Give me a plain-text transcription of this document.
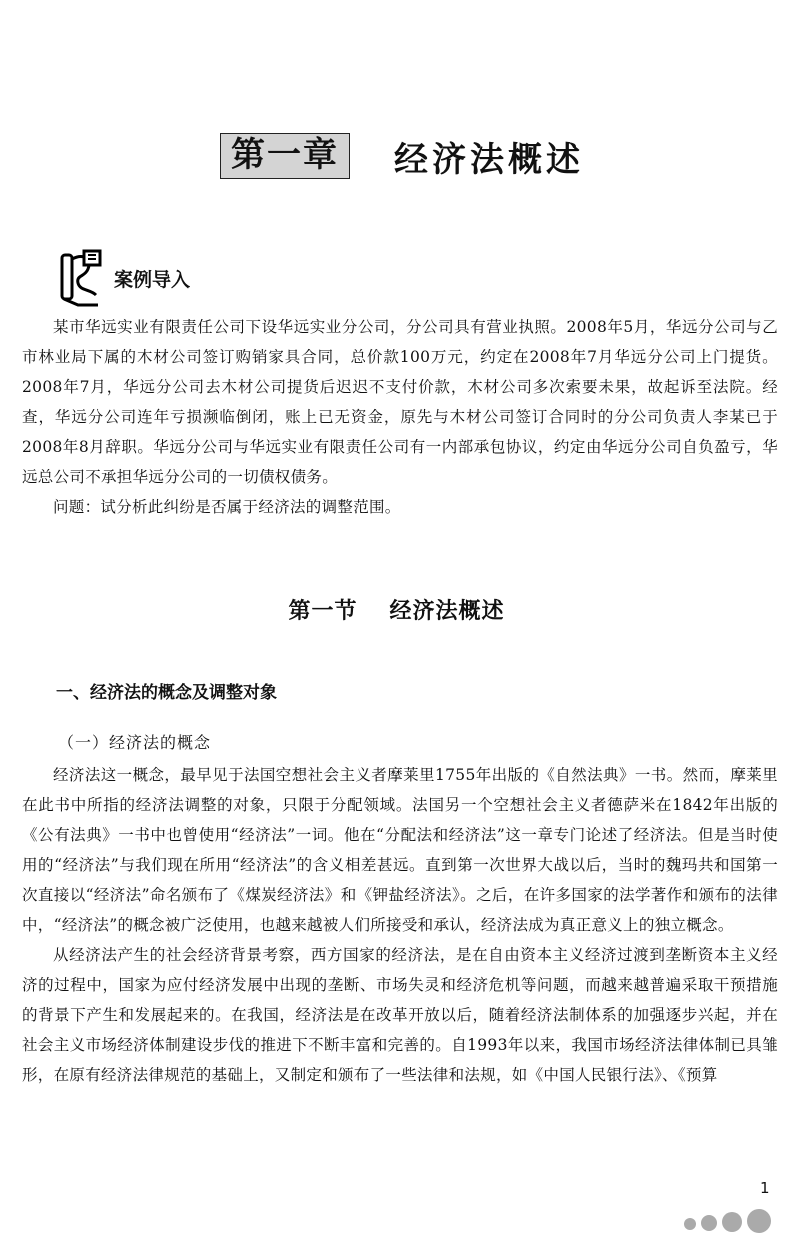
第一章	经济法概述
案例导入

某市华远实业有限责任公司下设华远实业分公司，分公司具有营业执照。2008年5月，华远分公司与乙市林业局下属的木材公司签订购销家具合同，总价款100万元，约定在2008年7月华远分公司上门提货。2008年7月，华远分公司去木材公司提货后迟迟不支付价款，木材公司多次索要未果，故起诉至法院。经查，华远分公司连年亏损濒临倒闭，账上已无资金，原先与木材公司签订合同时的分公司负责人李某已于2008年8月辞职。华远分公司与华远实业有限责任公司有一内部承包协议，约定由华远分公司自负盈亏，华远总公司不承担华远分公司的一切债权债务。

问题：试分析此纠纷是否属于经济法的调整范围。

第一节 经济法概述
一、经济法的概念及调整对象
（一）经济法的概念

经济法这一概念，最早见于法国空想社会主义者摩莱里1755年出版的《自然法典》一书。然而，摩莱里在此书中所指的经济法调整的对象，只限于分配领域。法国另一个空想社会主义者德萨米在1842年出版的《公有法典》一书中也曾使用“经济法”一词。他在“分配法和经济法”这一章专门论述了经济法。但是当时使用的“经济法”与我们现在所用“经济法”的含义相差甚远。直到第一次世界大战以后，当时的魏玛共和国第一次直接以“经济法”命名颁布了《煤炭经济法》和《钾盐经济法》。之后，在许多国家的法学著作和颁布的法律中，“经济法”的概念被广泛使用，也越来越被人们所接受和承认，经济法成为真正意义上的独立概念。

从经济法产生的社会经济背景考察，西方国家的经济法，是在自由资本主义经济过渡到垄断资本主义经济的过程中，国家为应付经济发展中出现的垄断、市场失灵和经济危机等问题，而越来越普遍采取干预措施的背景下产生和发展起来的。在我国，经济法是在改革开放以后，随着经济法制体系的加强逐步兴起，并在社会主义市场经济体制建设步伐的推进下不断丰富和完善的。自1993年以来，我国市场经济法律体制已具雏形，在原有经济法律规范的基础上，又制定和颁布了一些法律和法规，如《中国人民银行法》、《预算

1
